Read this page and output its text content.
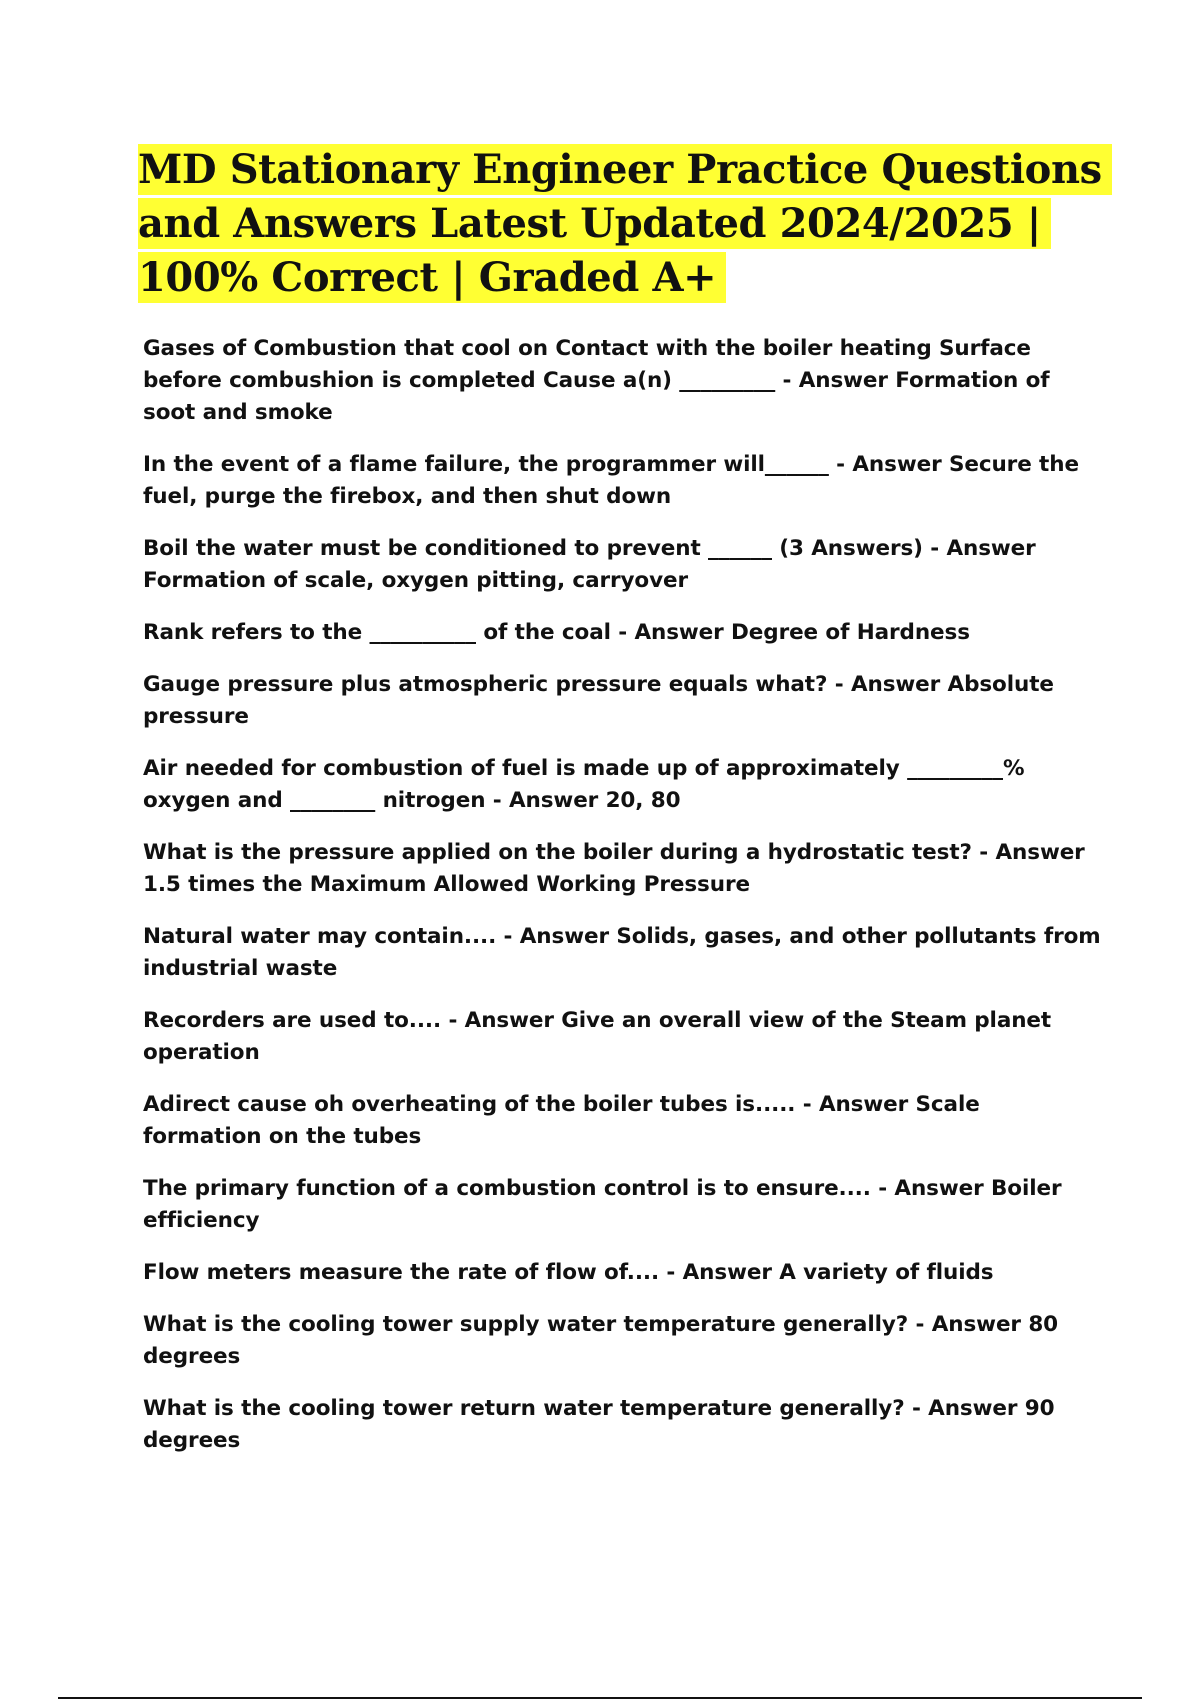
MD Stationary Engineer Practice Questions and Answers Latest Updated 2024/2025 | 100% Correct | Graded A+

Gases of Combustion that cool on Contact with the boiler heating Surface before combushion is completed Cause a(n) _________ - Answer Formation of soot and smoke

In the event of a flame failure, the programmer will______ - Answer Secure the fuel, purge the firebox, and then shut down

Boil the water must be conditioned to prevent ______ (3 Answers) - Answer Formation of scale, oxygen pitting, carryover

Rank refers to the __________ of the coal - Answer Degree of Hardness

Gauge pressure plus atmospheric pressure equals what? - Answer Absolute pressure

Air needed for combustion of fuel is made up of approximately _________% oxygen and ________ nitrogen - Answer 20, 80

What is the pressure applied on the boiler during a hydrostatic test? - Answer 1.5 times the Maximum Allowed Working Pressure

Natural water may contain.... - Answer Solids, gases, and other pollutants from industrial waste

Recorders are used to.... - Answer Give an overall view of the Steam planet operation

Adirect cause oh overheating of the boiler tubes is..... - Answer Scale formation on the tubes

The primary function of a combustion control is to ensure.... - Answer Boiler efficiency

Flow meters measure the rate of flow of.... - Answer A variety of fluids

What is the cooling tower supply water temperature generally? - Answer 80 degrees

What is the cooling tower return water temperature generally? - Answer 90 degrees
